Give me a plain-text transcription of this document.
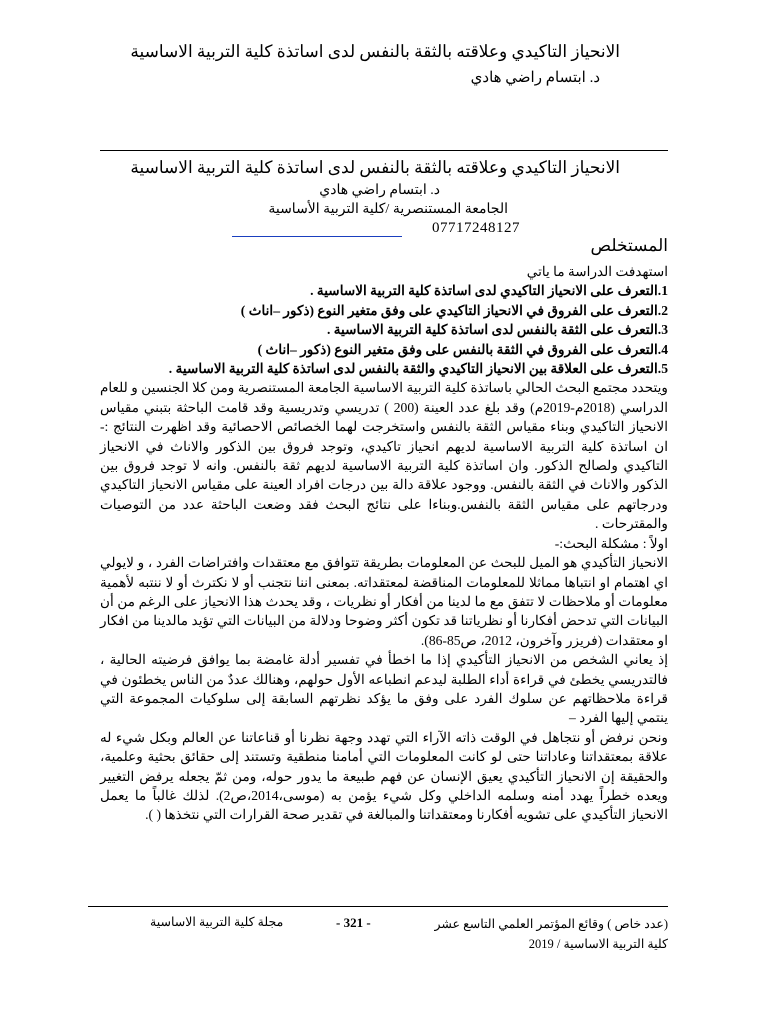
الانحياز التاكيدي وعلاقته بالثقة بالنفس لدى اساتذة كلية التربية الاساسية
د. ابتسام راضي هادي
الانحياز التاكيدي وعلاقته بالثقة بالنفس لدى اساتذة كلية التربية الاساسية
د. ابتسام راضي هادي
الجامعة المستنصرية /كلية التربية الأساسية
07717248127
المستخلص

استهدفت الدراسة ما ياتي

1.التعرف على الانحياز التاكيدي لدى اساتذة كلية التربية الاساسية .

2.التعرف على الفروق في الانحياز التاكيدي على وفق متغير النوع (ذكور –اناث )

3.التعرف على الثقة بالنفس لدى اساتذة كلية التربية الاساسية .

4.التعرف على الفروق في الثقة بالنفس على وفق متغير النوع (ذكور –اناث )

5.التعرف على العلاقة بين الانحياز التاكيدي والثقة بالنفس لدى اساتذة كلية التربية الاساسية .

ويتحدد مجتمع البحث الحالي باساتذة كلية التربية الاساسية الجامعة المستنصرية ومن كلا الجنسين و للعام الدراسي (2018م-2019م) وقد بلغ عدد العينة (200 ) تدريسي وتدريسية وقد قامت الباحثة بتبني مقياس الانحياز التاكيدي وبناء مقياس الثقة بالنفس واستخرجت لهما الخصائص الاحصائية وقد اظهرت النتائج :- ان اساتذة كلية التربية الاساسية لديهم انحياز تاكيدي، وتوجد فروق بين الذكور والاناث في الانحياز التاكيدي ولصالح الذكور. وان اساتذة كلية التربية الاساسية لديهم ثقة بالنفس. وانه لا توجد فروق بين الذكور والاناث في الثقة بالنفس. ووجود علاقة دالة بين درجات افراد العينة على مقياس الانحياز التاكيدي ودرجاتهم على مقياس الثقة بالنفس.وبناءا على نتائج البحث فقد وضعت الباحثة عدد من التوصيات والمقترحات .

اولاً : مشكلة البحث:-

الانحياز التأكيدي هو الميل للبحث عن المعلومات بطريقة تتوافق مع معتقدات وافتراضات الفرد ، و لايولي اي اهتمام او انتباها مماثلا للمعلومات المناقضة لمعتقداته. بمعنى اننا نتجنب أو لا نكترث أو لا ننتبه لأهمية معلومات أو ملاحظات لا تتفق مع ما لدينا من أفكار أو نظريات ، وقد يحدث هذا الانحياز على الرغم من أن البيانات التي تدحض أفكارنا أو نظرياتنا قد تكون أكثر وضوحا ودلالة من البيانات التي تؤيد مالدينا من افكار او معتقدات (فريزر وآخرون، 2012، ص85-86).

إذ يعاني الشخص من الانحياز التأكيدي إذا ما اخطأ في تفسير أدلة غامضة بما يوافق فرضيته الحالية ، فالتدريسي يخطئ في قراءة أداء الطلبة ليدعم انطباعه الأول حولهم، وهنالك عددٌ من الناس يخطئون في قراءة ملاحظاتهم عن سلوك الفرد على وفق ما يؤكد نظرتهم السابقة إلى سلوكيات المجموعة التي ينتمي إليها الفرد –

ونحن نرفض أو نتجاهل في الوقت ذاته الآراء التي تهدد وجهة نظرنا أو قناعاتنا عن العالم وبكل شيء له علاقة بمعتقداتنا وعاداتنا حتى لو كانت المعلومات التي أمامنا منطقية وتستند إلى حقائق بحثية وعلمية، والحقيقة إن الانحياز التأكيدي يعيق الإنسان عن فهم طبيعة ما يدور حوله، ومن ثمّ يجعله يرفض التغيير ويعده خطراً يهدد أمنه وسلمه الداخلي وكل شيء يؤمن به (موسى،2014،ص2). لذلك غالباً ما يعمل الانحياز التأكيدي على تشويه أفكارنا ومعتقداتنا والمبالغة في تقدير صحة القرارات التي نتخذها ( ).

(عدد خاص ) وقائع المؤتمر العلمي التاسع عشر
كلية التربية الاساسية / 2019
- 321 -
مجلة كلية التربية الاساسية
